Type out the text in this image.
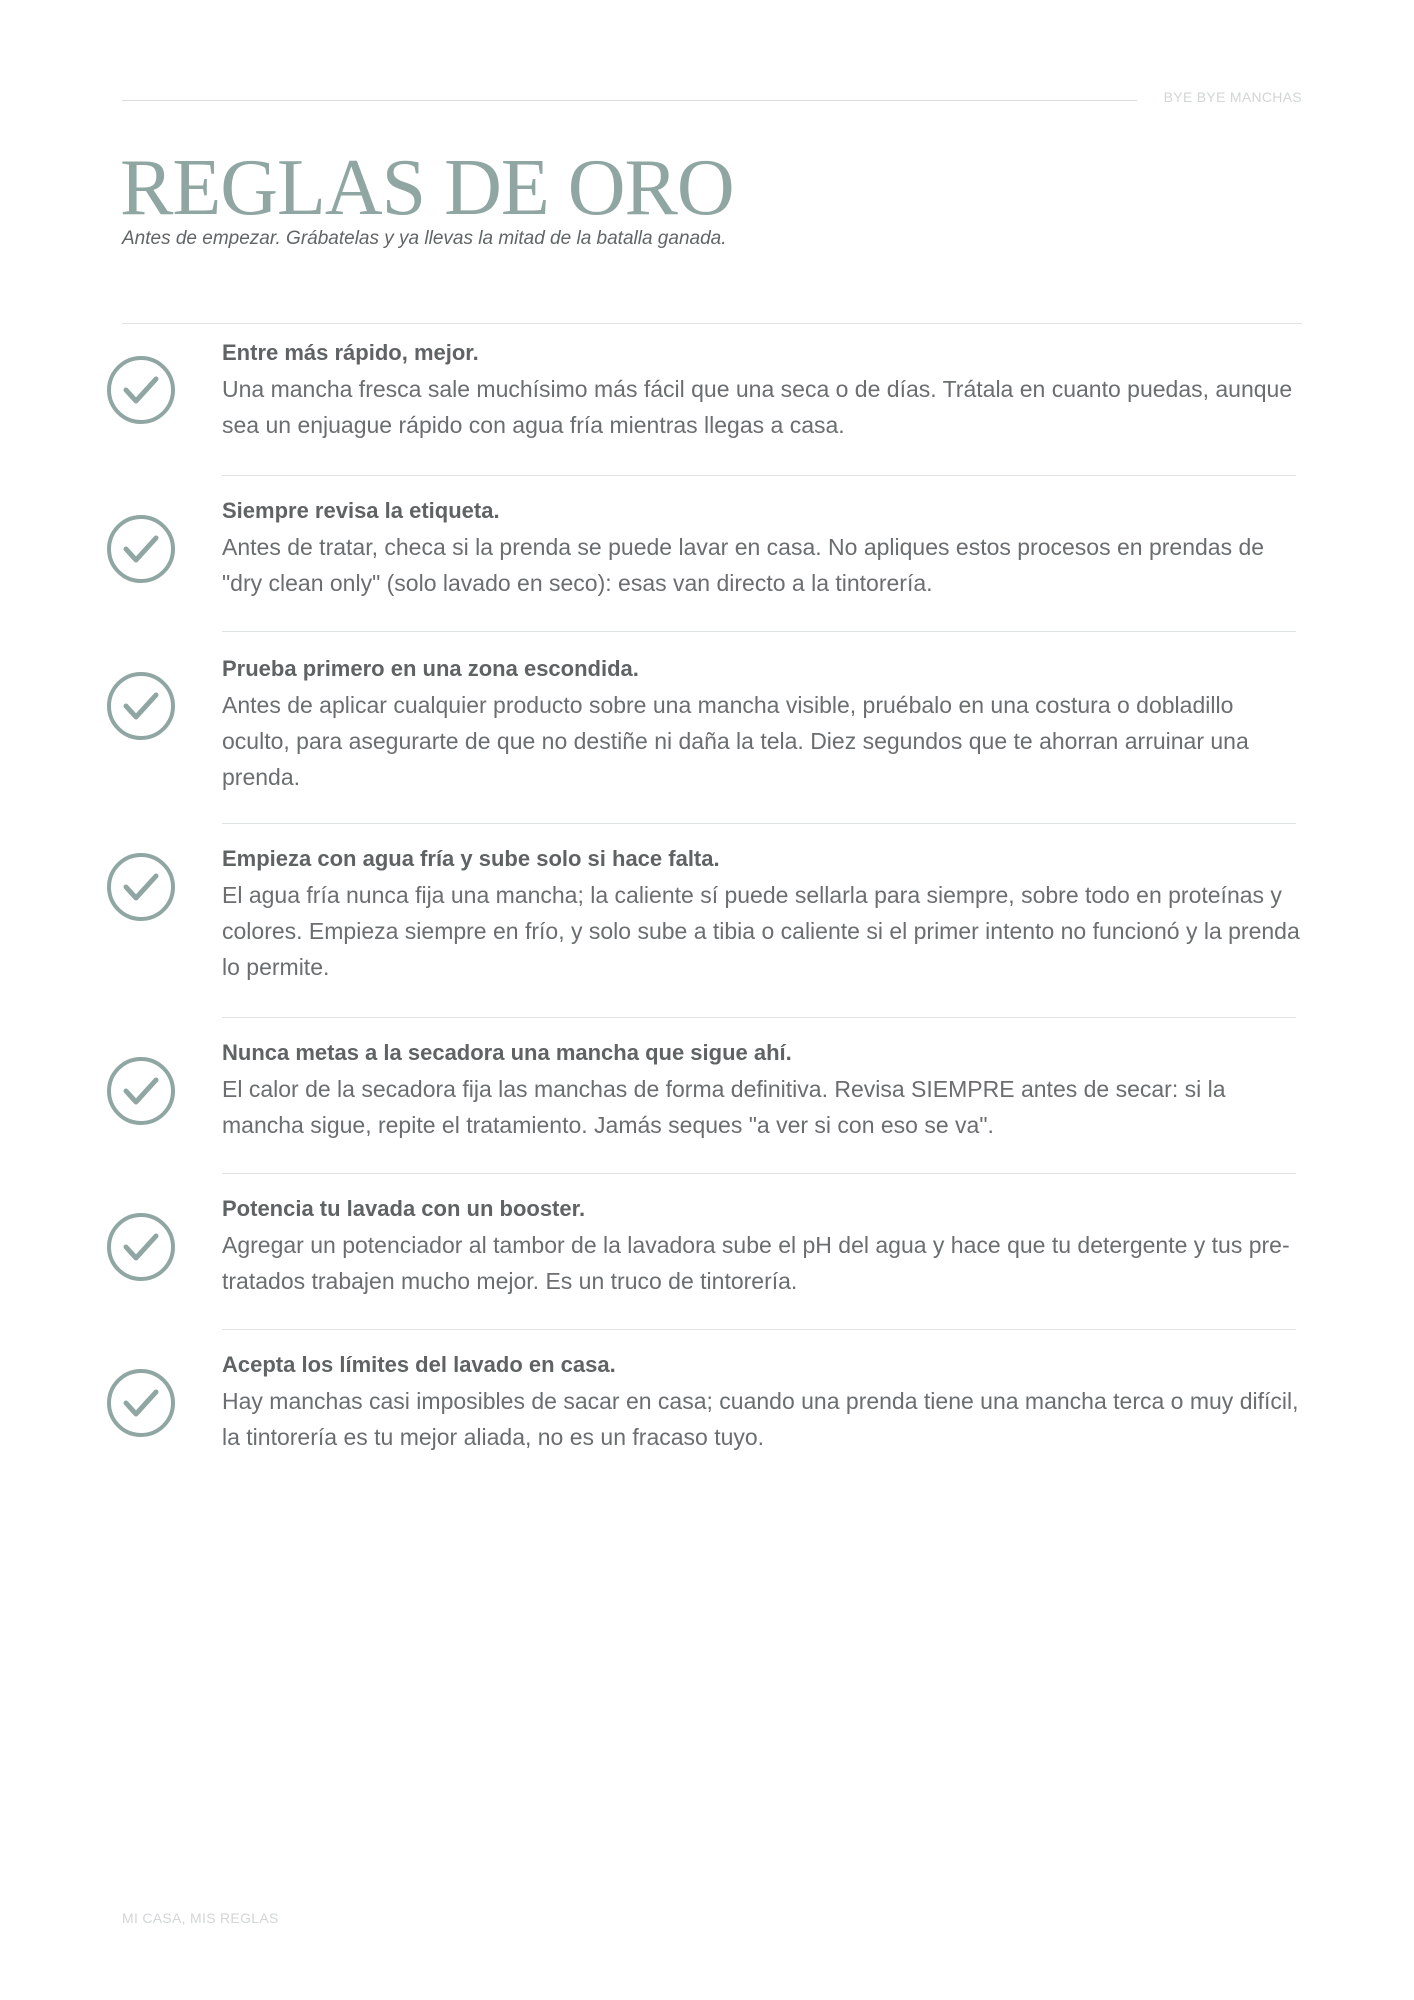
BYE BYE MANCHAS
REGLAS DE ORO
Antes de empezar. Grábatelas y ya llevas la mitad de la batalla ganada.
Entre más rápido, mejor.
Una mancha fresca sale muchísimo más fácil que una seca o de días. Trátala en cuanto puedas, aunque sea un enjuague rápido con agua fría mientras llegas a casa.
Siempre revisa la etiqueta.
Antes de tratar, checa si la prenda se puede lavar en casa. No apliques estos procesos en prendas de "dry clean only" (solo lavado en seco): esas van directo a la tintorería.
Prueba primero en una zona escondida.
Antes de aplicar cualquier producto sobre una mancha visible, pruébalo en una costura o dobladillo oculto, para asegurarte de que no destiñe ni daña la tela. Diez segundos que te ahorran arruinar una prenda.
Empieza con agua fría y sube solo si hace falta.
El agua fría nunca fija una mancha; la caliente sí puede sellarla para siempre, sobre todo en proteínas y colores. Empieza siempre en frío, y solo sube a tibia o caliente si el primer intento no funcionó y la prenda lo permite.
Nunca metas a la secadora una mancha que sigue ahí.
El calor de la secadora fija las manchas de forma definitiva. Revisa SIEMPRE antes de secar: si la mancha sigue, repite el tratamiento. Jamás seques "a ver si con eso se va".
Potencia tu lavada con un booster.
Agregar un potenciador al tambor de la lavadora sube el pH del agua y hace que tu detergente y tus pre-tratados trabajen mucho mejor. Es un truco de tintorería.
Acepta los límites del lavado en casa.
Hay manchas casi imposibles de sacar en casa; cuando una prenda tiene una mancha terca o muy difícil, la tintorería es tu mejor aliada, no es un fracaso tuyo.
MI CASA, MIS REGLAS
